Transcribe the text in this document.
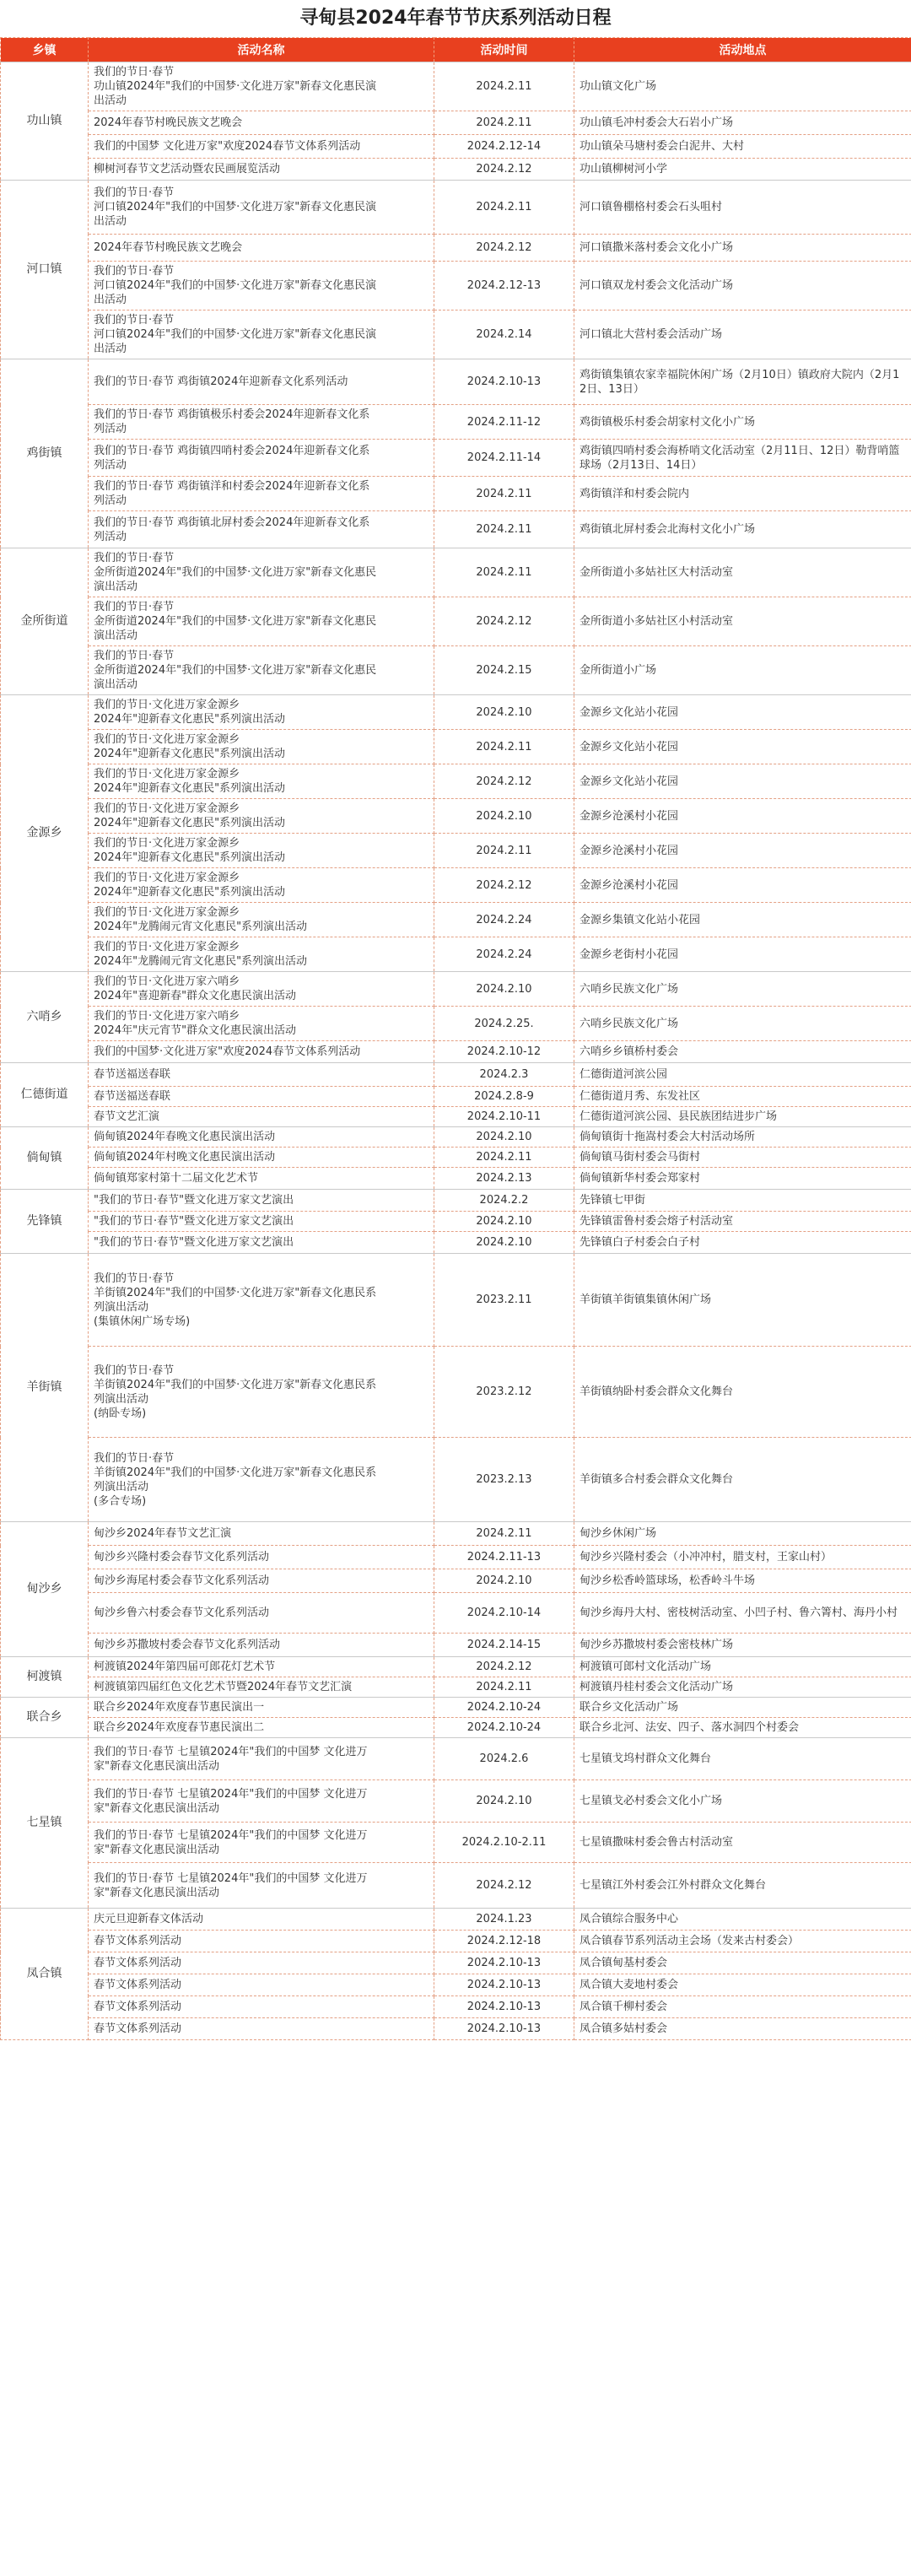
寻甸县2024年春节节庆系列活动日程
乡镇	活动名称	活动时间	活动地点
功山镇	我们的节日·春节
功山镇2024年"我们的中国梦·文化进万家"新春文化惠民演
出活动	2024.2.11	功山镇文化广场

	2024年春节村晚民族文艺晚会	2024.2.11	功山镇毛冲村委会大石岩小广场

	我们的中国梦 文化进万家"欢度2024春节文体系列活动	2024.2.12-14	功山镇朵马塘村委会白泥井、大村

	柳树河春节文艺活动暨农民画展览活动	2024.2.12	功山镇柳树河小学
河口镇	我们的节日·春节
河口镇2024年"我们的中国梦·文化进万家"新春文化惠民演
出活动	2024.2.11	河口镇鲁棚格村委会石头咀村

	2024年春节村晚民族文艺晚会	2024.2.12	河口镇撒米落村委会文化小广场

	我们的节日·春节
河口镇2024年"我们的中国梦·文化进万家"新春文化惠民演
出活动	2024.2.12-13	河口镇双龙村委会文化活动广场

	我们的节日·春节
河口镇2024年"我们的中国梦·文化进万家"新春文化惠民演
出活动	2024.2.14	河口镇北大营村委会活动广场
鸡街镇	我们的节日·春节 鸡街镇2024年迎新春文化系列活动	2024.2.10-13	鸡街镇集镇农家幸福院休闲广场（2月10日）镇政府大院内（2月12日、13日）

	我们的节日·春节 鸡街镇极乐村委会2024年迎新春文化系
列活动	2024.2.11-12	鸡街镇极乐村委会胡家村文化小广场

	我们的节日·春节 鸡街镇四哨村委会2024年迎新春文化系
列活动	2024.2.11-14	鸡街镇四哨村委会海桥哨文化活动室（2月11日、12日）勒背哨篮球场（2月13日、14日）

	我们的节日·春节 鸡街镇洋和村委会2024年迎新春文化系
列活动	2024.2.11	鸡街镇洋和村委会院内

	我们的节日·春节 鸡街镇北屏村委会2024年迎新春文化系
列活动	2024.2.11	鸡街镇北屏村委会北海村文化小广场
金所街道	我们的节日·春节
金所街道2024年"我们的中国梦·文化进万家"新春文化惠民
演出活动	2024.2.11	金所街道小多姑社区大村活动室

	我们的节日·春节
金所街道2024年"我们的中国梦·文化进万家"新春文化惠民
演出活动	2024.2.12	金所街道小多姑社区小村活动室

	我们的节日·春节
金所街道2024年"我们的中国梦·文化进万家"新春文化惠民
演出活动	2024.2.15	金所街道小广场
金源乡	我们的节日·文化进万家金源乡
2024年"迎新春文化惠民"系列演出活动	2024.2.10	金源乡文化站小花园

	我们的节日·文化进万家金源乡
2024年"迎新春文化惠民"系列演出活动	2024.2.11	金源乡文化站小花园

	我们的节日·文化进万家金源乡
2024年"迎新春文化惠民"系列演出活动	2024.2.12	金源乡文化站小花园

	我们的节日·文化进万家金源乡
2024年"迎新春文化惠民"系列演出活动	2024.2.10	金源乡沧溪村小花园

	我们的节日·文化进万家金源乡
2024年"迎新春文化惠民"系列演出活动	2024.2.11	金源乡沧溪村小花园

	我们的节日·文化进万家金源乡
2024年"迎新春文化惠民"系列演出活动	2024.2.12	金源乡沧溪村小花园

	我们的节日·文化进万家金源乡
2024年"龙腾闹元宵文化惠民"系列演出活动	2024.2.24	金源乡集镇文化站小花园

	我们的节日·文化进万家金源乡
2024年"龙腾闹元宵文化惠民"系列演出活动	2024.2.24	金源乡老街村小花园
六哨乡	我们的节日·文化进万家六哨乡
2024年"喜迎新春"群众文化惠民演出活动	2024.2.10	六哨乡民族文化广场

	我们的节日·文化进万家六哨乡
2024年"庆元宵节"群众文化惠民演出活动	2024.2.25.	六哨乡民族文化广场

	我们的中国梦·文化进万家"欢度2024春节文体系列活动	2024.2.10-12	六哨乡乡镇桥村委会
仁德街道	春节送福送春联	2024.2.3	仁德街道河滨公园

	春节送福送春联	2024.2.8-9	仁德街道月秀、东发社区

	春节文艺汇演	2024.2.10-11	仁德街道河滨公园、县民族团结进步广场
倘甸镇	倘甸镇2024年春晚文化惠民演出活动	2024.2.10	倘甸镇街十拖嵩村委会大村活动场所

	倘甸镇2024年村晚文化惠民演出活动	2024.2.11	倘甸镇马街村委会马街村

	倘甸镇郑家村第十二届文化艺术节	2024.2.13	倘甸镇新华村委会郑家村
先锋镇	"我们的节日·春节"暨文化进万家文艺演出	2024.2.2	先锋镇七甲街

	"我们的节日·春节"暨文化进万家文艺演出	2024.2.10	先锋镇雷鲁村委会熔子村活动室

	"我们的节日·春节"暨文化进万家文艺演出	2024.2.10	先锋镇白子村委会白子村
羊街镇	我们的节日·春节
羊街镇2024年"我们的中国梦·文化进万家"新春文化惠民系
列演出活动
(集镇休闲广场专场)	2023.2.11	羊街镇羊街镇集镇休闲广场

	我们的节日·春节
羊街镇2024年"我们的中国梦·文化进万家"新春文化惠民系
列演出活动
(纳卧专场)	2023.2.12	羊街镇纳卧村委会群众文化舞台

	我们的节日·春节
羊街镇2024年"我们的中国梦·文化进万家"新春文化惠民系
列演出活动
(多合专场)	2023.2.13	羊街镇多合村委会群众文化舞台
甸沙乡	甸沙乡2024年春节文艺汇演	2024.2.11	甸沙乡休闲广场

	甸沙乡兴隆村委会春节文化系列活动	2024.2.11-13	甸沙乡兴隆村委会（小冲冲村，腊支村，王家山村）

	甸沙乡海尾村委会春节文化系列活动	2024.2.10	甸沙乡松香岭篮球场，松香岭斗牛场

	甸沙乡鲁六村委会春节文化系列活动	2024.2.10-14	甸沙乡海丹大村、密枝树活动室、小凹子村、鲁六箐村、海丹小村

	甸沙乡苏撒坡村委会春节文化系列活动	2024.2.14-15	甸沙乡苏撒坡村委会密枝林广场
柯渡镇	柯渡镇2024年第四届可郎花灯艺术节	2024.2.12	柯渡镇可郎村文化活动广场

	柯渡镇第四届红色文化艺术节暨2024年春节文艺汇演	2024.2.11	柯渡镇丹桂村委会文化活动广场
联合乡	联合乡2024年欢度春节惠民演出一	2024.2.10-24	联合乡文化活动广场

	联合乡2024年欢度春节惠民演出二	2024.2.10-24	联合乡北河、法安、四子、落水洞四个村委会
七星镇	我们的节日·春节 七星镇2024年"我们的中国梦 文化进万
家"新春文化惠民演出活动	2024.2.6	七星镇戈坞村群众文化舞台

	我们的节日·春节 七星镇2024年"我们的中国梦 文化进万
家"新春文化惠民演出活动	2024.2.10	七星镇戈必村委会文化小广场

	我们的节日·春节 七星镇2024年"我们的中国梦 文化进万
家"新春文化惠民演出活动	2024.2.10-2.11	七星镇撒味村委会鲁古村活动室

	我们的节日·春节 七星镇2024年"我们的中国梦 文化进万
家"新春文化惠民演出活动	2024.2.12	七星镇江外村委会江外村群众文化舞台
凤合镇	庆元旦迎新春文体活动	2024.1.23	凤合镇综合服务中心

	春节文体系列活动	2024.2.12-18	凤合镇春节系列活动主会场（发来古村委会）

	春节文体系列活动	2024.2.10-13	凤合镇甸基村委会

	春节文体系列活动	2024.2.10-13	凤合镇大麦地村委会

	春节文体系列活动	2024.2.10-13	凤合镇千柳村委会

	春节文体系列活动	2024.2.10-13	凤合镇多姑村委会
